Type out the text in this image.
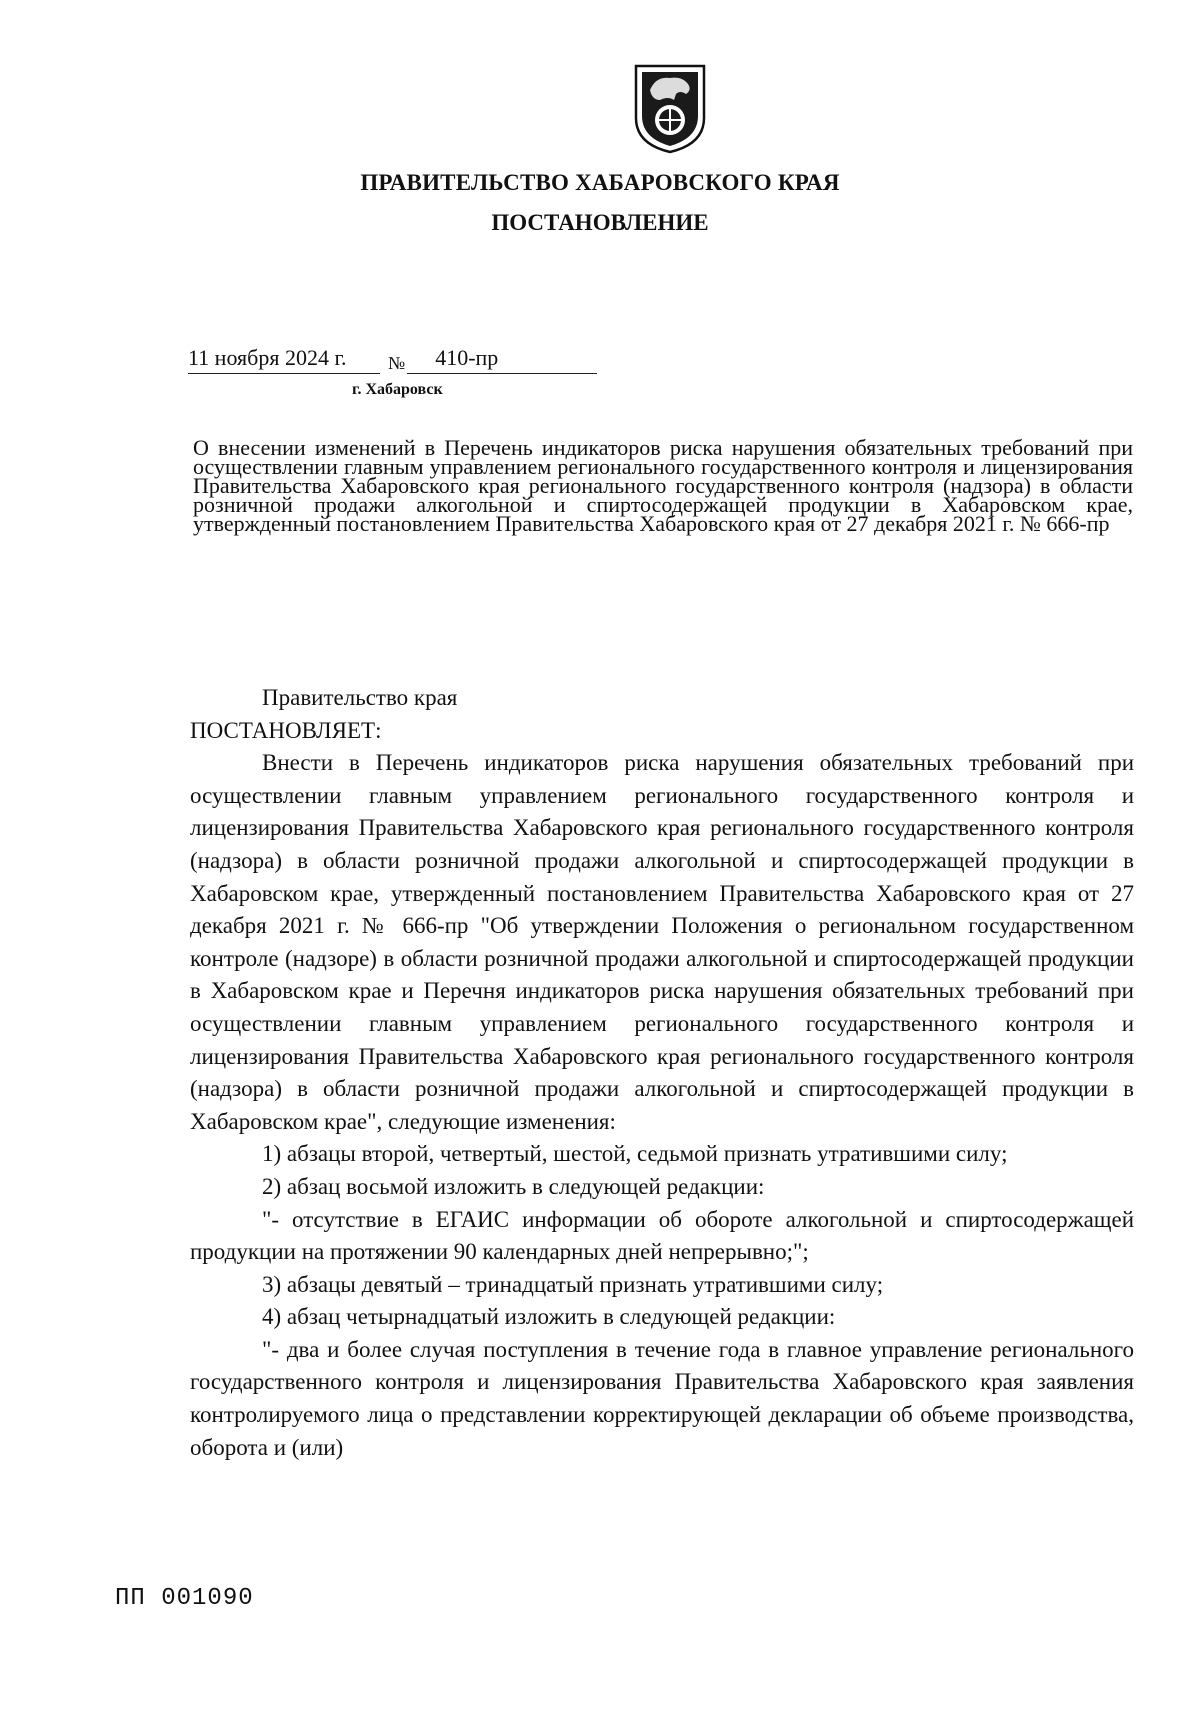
ПРАВИТЕЛЬСТВО ХАБАРОВСКОГО КРАЯ
ПОСТАНОВЛЕНИЕ
11 ноября 2024 г. № 410-пр
г. Хабаровск
О внесении изменений в Перечень индикаторов риска нарушения обязательных требований при осуществлении главным управлением регионального государственного контроля и лицензирования Правительства Хабаровского края регионального государственного контроля (надзора) в области розничной продажи алкогольной и спиртосодержащей продукции в Хабаровском крае, утвержденный постановлением Правительства Хабаровского края от 27 декабря 2021 г. № 666-пр

Правительство края

ПОСТАНОВЛЯЕТ:

Внести в Перечень индикаторов риска нарушения обязательных требований при осуществлении главным управлением регионального государственного контроля и лицензирования Правительства Хабаровского края регионального государственного контроля (надзора) в области розничной продажи алкогольной и спиртосодержащей продукции в Хабаровском крае, утвержденный постановлением Правительства Хабаровского края от 27 декабря 2021 г. № 666-пр "Об утверждении Положения о региональном государственном контроле (надзоре) в области розничной продажи алкогольной и спиртосодержащей продукции в Хабаровском крае и Перечня индикаторов риска нарушения обязательных требований при осуществлении главным управлением регионального государственного контроля и лицензирования Правительства Хабаровского края регионального государственного контроля (надзора) в области розничной продажи алкогольной и спиртосодержащей продукции в Хабаровском крае", следующие изменения:

1) абзацы второй, четвертый, шестой, седьмой признать утратившими силу;

2) абзац восьмой изложить в следующей редакции:

"- отсутствие в ЕГАИС информации об обороте алкогольной и спиртосодержащей продукции на протяжении 90 календарных дней непрерывно;";

3) абзацы девятый – тринадцатый признать утратившими силу;

4) абзац четырнадцатый изложить в следующей редакции:

"- два и более случая поступления в течение года в главное управление регионального государственного контроля и лицензирования Правительства Хабаровского края заявления контролируемого лица о представлении корректирующей декларации об объеме производства, оборота и (или)

ПП 001090
